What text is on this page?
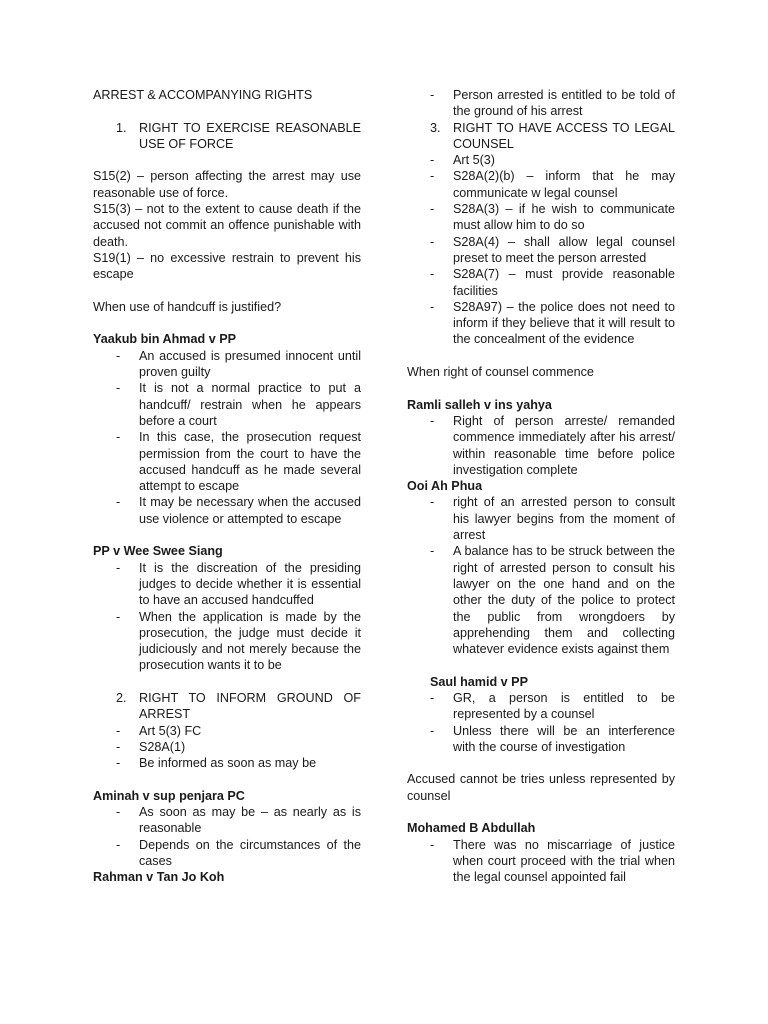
ARREST & ACCOMPANYING RIGHTS

1. RIGHT TO EXERCISE REASONABLE USE OF FORCE

S15(2) – person affecting the arrest may use reasonable use of force.

S15(3) – not to the extent to cause death if the accused not commit an offence punishable with death.

S19(1) – no excessive restrain to prevent his escape

When use of handcuff is justified?

Yaakub bin Ahmad v PP

-	An accused is presumed innocent until proven guilty
-	It is not a normal practice to put a handcuff/ restrain when he appears before a court
-	In this case, the prosecution request permission from the court to have the accused handcuff as he made several attempt to escape
-	It may be necessary when the accused use violence or attempted to escape

PP v Wee Swee Siang

-	It is the discreation of the presiding judges to decide whether it is essential to have an accused handcuffed
-	When the application is made by the prosecution, the judge must decide it judiciously and not merely because the prosecution wants it to be
2. RIGHT TO INFORM GROUND OF ARREST
-	Art 5(3) FC
-	S28A(1)
-	Be informed as soon as may be

Aminah v sup penjara PC

-	As soon as may be – as nearly as is reasonable
-	Depends on the circumstances of the cases

Rahman v Tan Jo Koh

-	Person arrested is entitled to be told of the ground of his arrest
3. RIGHT TO HAVE ACCESS TO LEGAL COUNSEL
-	Art 5(3)
-	S28A(2)(b) – inform that he may communicate w legal counsel
-	S28A(3) – if he wish to communicate must allow him to do so
-	S28A(4) – shall allow legal counsel preset to meet the person arrested
-	S28A(7) – must provide reasonable facilities
-	S28A97) – the police does not need to inform if they believe that it will result to the concealment of the evidence

When right of counsel commence

Ramli salleh v ins yahya

-	Right of person arreste/ remanded commence immediately after his arrest/ within reasonable time before police investigation complete

Ooi Ah Phua

-	right of an arrested person to consult his lawyer begins from the moment of arrest
-	A balance has to be struck between the right of arrested person to consult his lawyer on the one hand and on the other the duty of the police to protect the public from wrongdoers by apprehending them and collecting whatever evidence exists against them

Saul hamid v PP

-	GR, a person is entitled to be represented by a counsel
-	Unless there will be an interference with the course of investigation

Accused cannot be tries unless represented by counsel

Mohamed B Abdullah

-	There was no miscarriage of justice when court proceed with the trial when the legal counsel appointed fail
